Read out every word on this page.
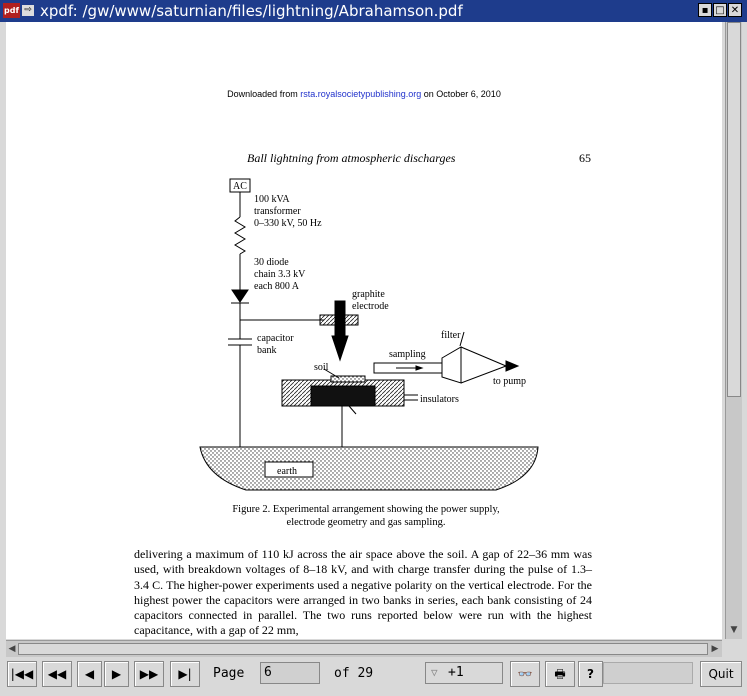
pdf ⇨ xpdf: /gw/www/saturnian/files/lightning/Abrahamson.pdf	▪ □ ✕
Downloaded from rsta.royalsocietypublishing.org on October 6, 2010
Ball lightning from atmospheric discharges	65
AC
100 kVA
transformer
0–330 kV, 50 Hz
30 diode
chain 3.3 kV
each 800 A
graphite
electrode
capacitor
bank
filter
sampling
soil
to pump
insulators
earth
Figure 2. Experimental arrangement showing the power supply,
electrode geometry and gas sampling.

delivering a maximum of 110 kJ across the air space above the soil. A gap of 22–36 mm was used, with breakdown voltages of 8–18 kV, and with charge transfer during the pulse of 1.3–3.4 C. The higher-power experiments used a negative polarity on the vertical electrode. For the highest power the capacitors were arranged in two banks in series, each bank consisting of 24 capacitors connected in parallel. The two runs reported below were run with the highest capacitance, with a gap of 22 mm,	▼
◀	▶
|◀◀	◀◀	◀	▶	▶▶	▶|	Page	6	of 29	▽ +1	👓	🖶	?	Quit
